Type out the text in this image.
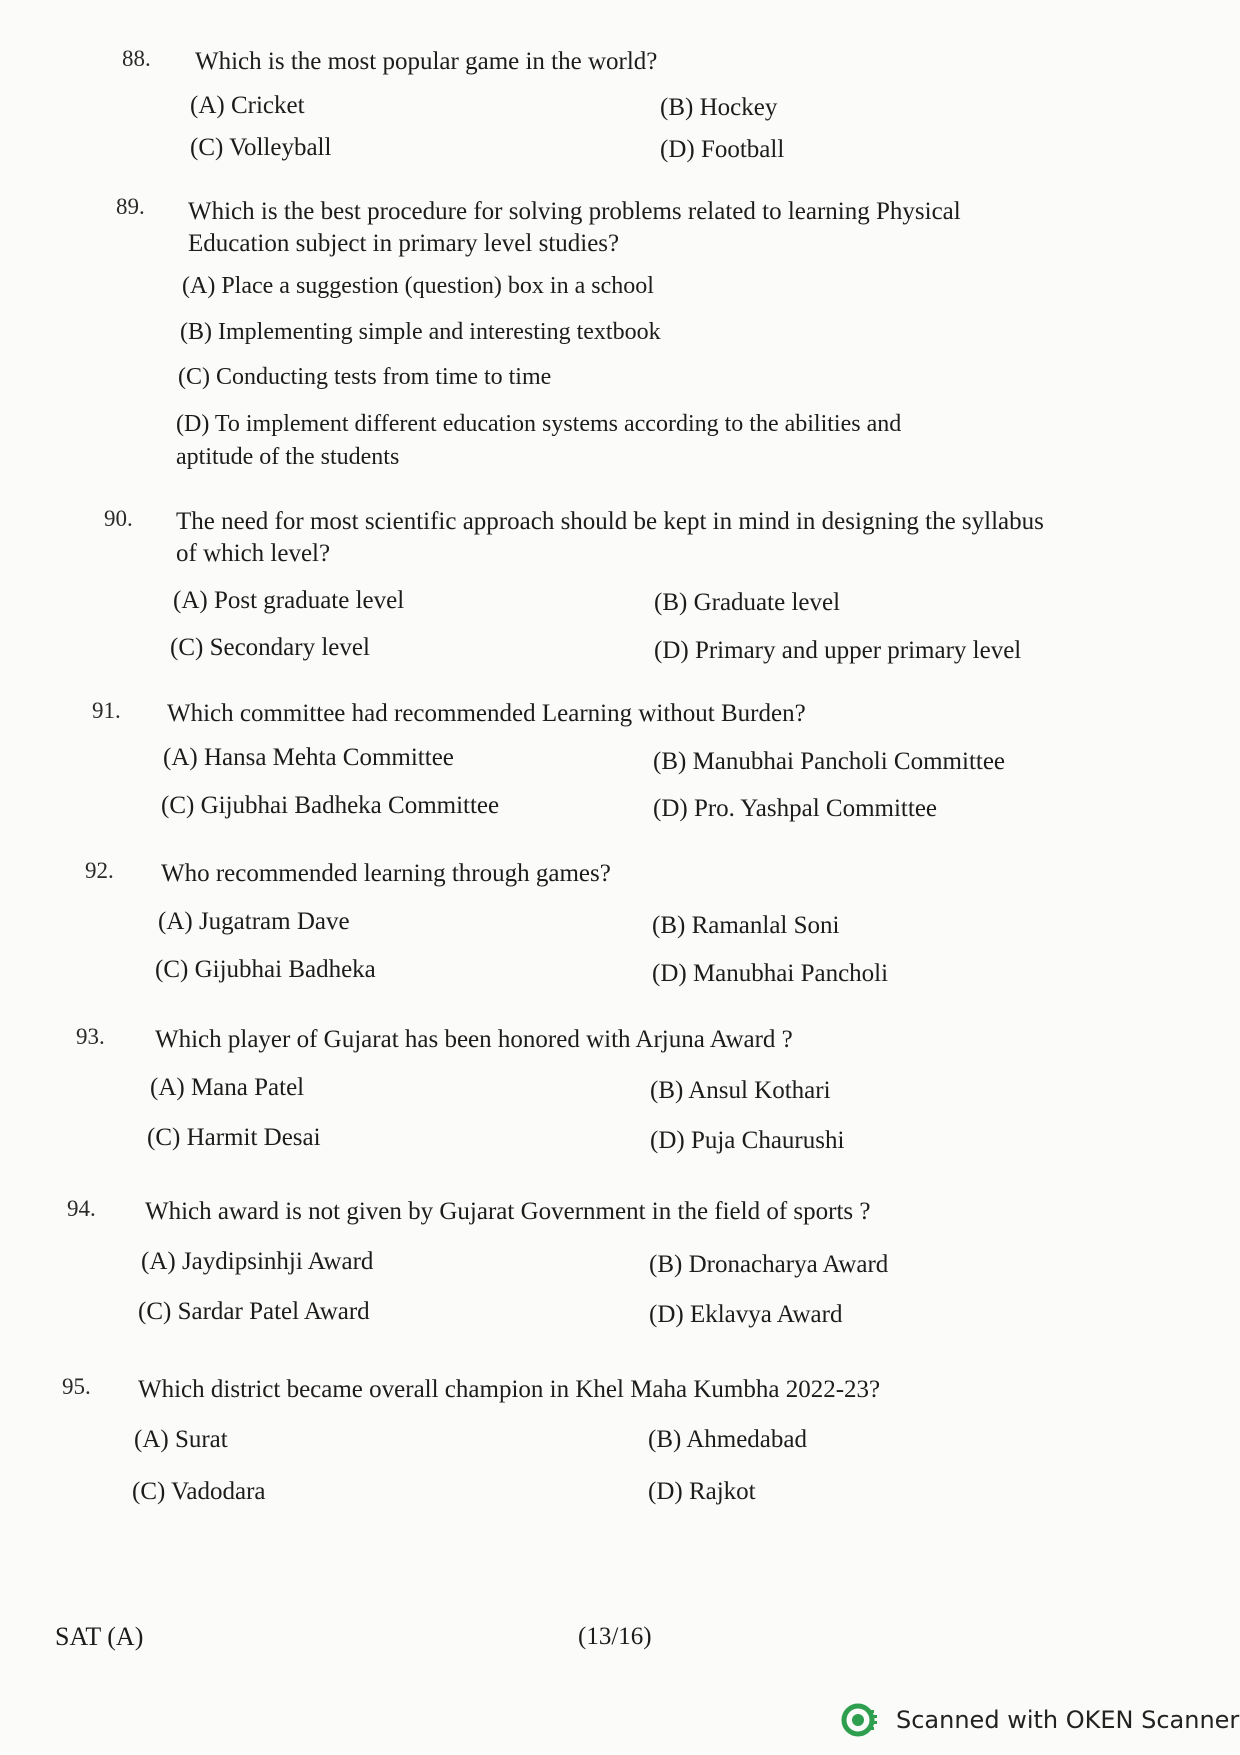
88. Which is the most popular game in the world?
(A) Cricket	(B) Hockey
(C) Volleyball	(D) Football
89. Which is the best procedure for solving problems related to learning Physical Education subject in primary level studies?
(A) Place a suggestion (question) box in a school
(B) Implementing simple and interesting textbook
(C) Conducting tests from time to time
(D) To implement different education systems according to the abilities and aptitude of the students
90. The need for most scientific approach should be kept in mind in designing the syllabus of which level?
(A) Post graduate level	(B) Graduate level
(C) Secondary level	(D) Primary and upper primary level
91. Which committee had recommended Learning without Burden?
(A) Hansa Mehta Committee	(B) Manubhai Pancholi Committee
(C) Gijubhai Badheka Committee	(D) Pro. Yashpal Committee
92. Who recommended learning through games?
(A) Jugatram Dave	(B) Ramanlal Soni
(C) Gijubhai Badheka	(D) Manubhai Pancholi
93. Which player of Gujarat has been honored with Arjuna Award ?
(A) Mana Patel	(B) Ansul Kothari
(C) Harmit Desai	(D) Puja Chaurushi
94. Which award is not given by Gujarat Government in the field of sports ?
(A) Jaydipsinhji Award	(B) Dronacharya Award
(C) Sardar Patel Award	(D) Eklavya Award
95. Which district became overall champion in Khel Maha Kumbha 2022-23?
(A) Surat	(B) Ahmedabad
(C) Vadodara	(D) Rajkot
SAT (A)	(13/16)
Scanned with OKEN Scanner
